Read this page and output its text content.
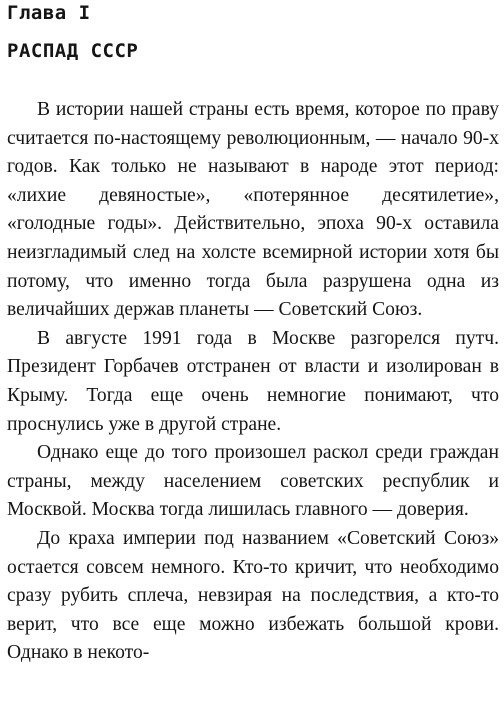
Глава I
РАСПАД СССР

В истории нашей страны есть время, которое по праву считается по-настоящему революционным, — начало 90-х годов. Как только не называют в народе этот период: «лихие девяностые», «потерянное десятилетие», «голодные годы». Действительно, эпоха 90-х оставила неизгладимый след на холсте всемирной истории хотя бы потому, что именно тогда была разрушена одна из величайших держав планеты — Советский Союз.

В августе 1991 года в Москве разгорелся путч. Президент Горбачев отстранен от власти и изолирован в Крыму. Тогда еще очень немногие понимают, что проснулись уже в другой стране.

Однако еще до того произошел раскол среди граждан страны, между населением советских республик и Москвой. Москва тогда лишилась главного — доверия.

До краха империи под названием «Советский Союз» остается совсем немного. Кто-то кричит, что необходимо сразу рубить сплеча, невзирая на последствия, а кто-то верит, что все еще можно избежать большой крови. Однако в некото-
